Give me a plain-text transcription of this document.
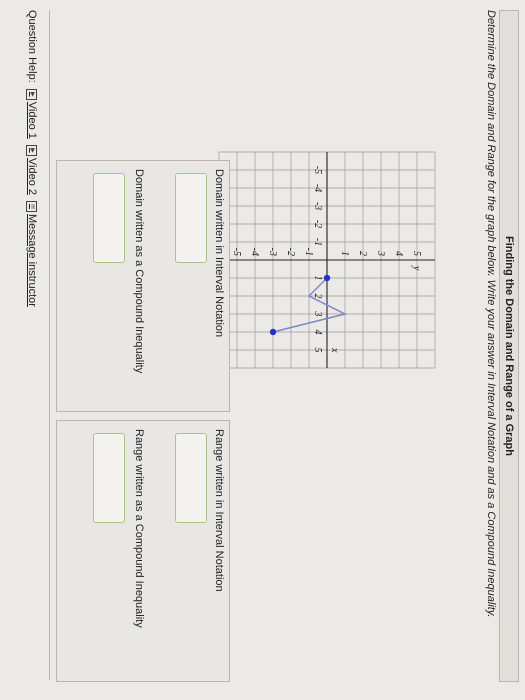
Finding the Domain and Range of a Graph
Determine the Domain and Range for the graph below. Write your answer in Interval Notation and as a Compound Inequality.
-5
-4
-3
-2
-1
1
2
3
4
5
5
4
3
2
1
-1
-2
-3
-4
-5
x
y
Domain written in Interval Notation
Domain written as a Compound Inequality
Range written in Interval Notation
Range written as a Compound Inequality
Question Help:
▶
Video 1
▶
Video 2
✉
Message instructor
